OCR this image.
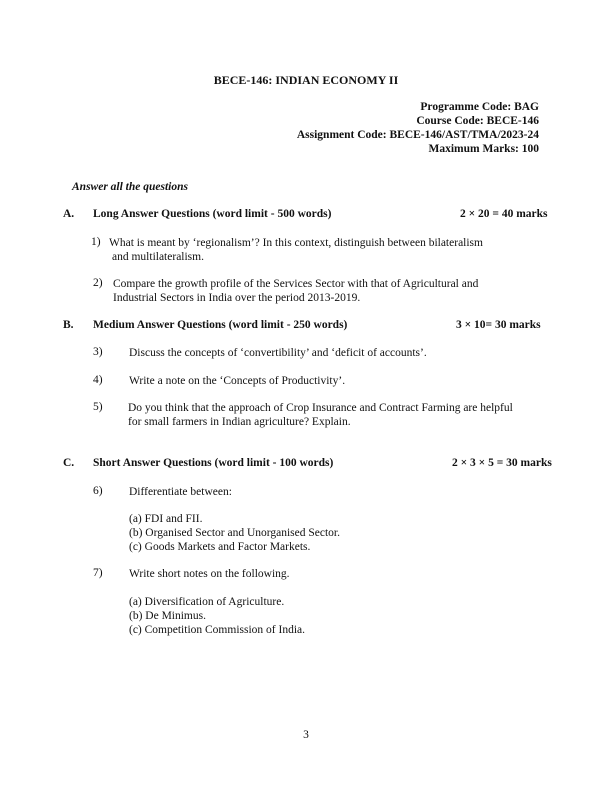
BECE-146: INDIAN ECONOMY II
Programme Code: BAG
Course Code: BECE-146
Assignment Code: BECE-146/AST/TMA/2023-24
Maximum Marks: 100
Answer all the questions
A. Long Answer Questions (word limit - 500 words)	2 × 20 = 40 marks
1) What is meant by ‘regionalism’? In this context, distinguish between bilateralism
and multilateralism.
2) Compare the growth profile of the Services Sector with that of Agricultural and
Industrial Sectors in India over the period 2013-2019.
B. Medium Answer Questions (word limit - 250 words)	3 × 10= 30 marks
3) Discuss the concepts of ‘convertibility’ and ‘deficit of accounts’.
4) Write a note on the ‘Concepts of Productivity’.
5) Do you think that the approach of Crop Insurance and Contract Farming are helpful
for small farmers in Indian agriculture? Explain.
C. Short Answer Questions (word limit - 100 words)	2 × 3 × 5 = 30 marks
6) Differentiate between:
(a) FDI and FII.
(b) Organised Sector and Unorganised Sector.
(c) Goods Markets and Factor Markets.
7) Write short notes on the following.
(a) Diversification of Agriculture.
(b) De Minimus.
(c) Competition Commission of India.
3
